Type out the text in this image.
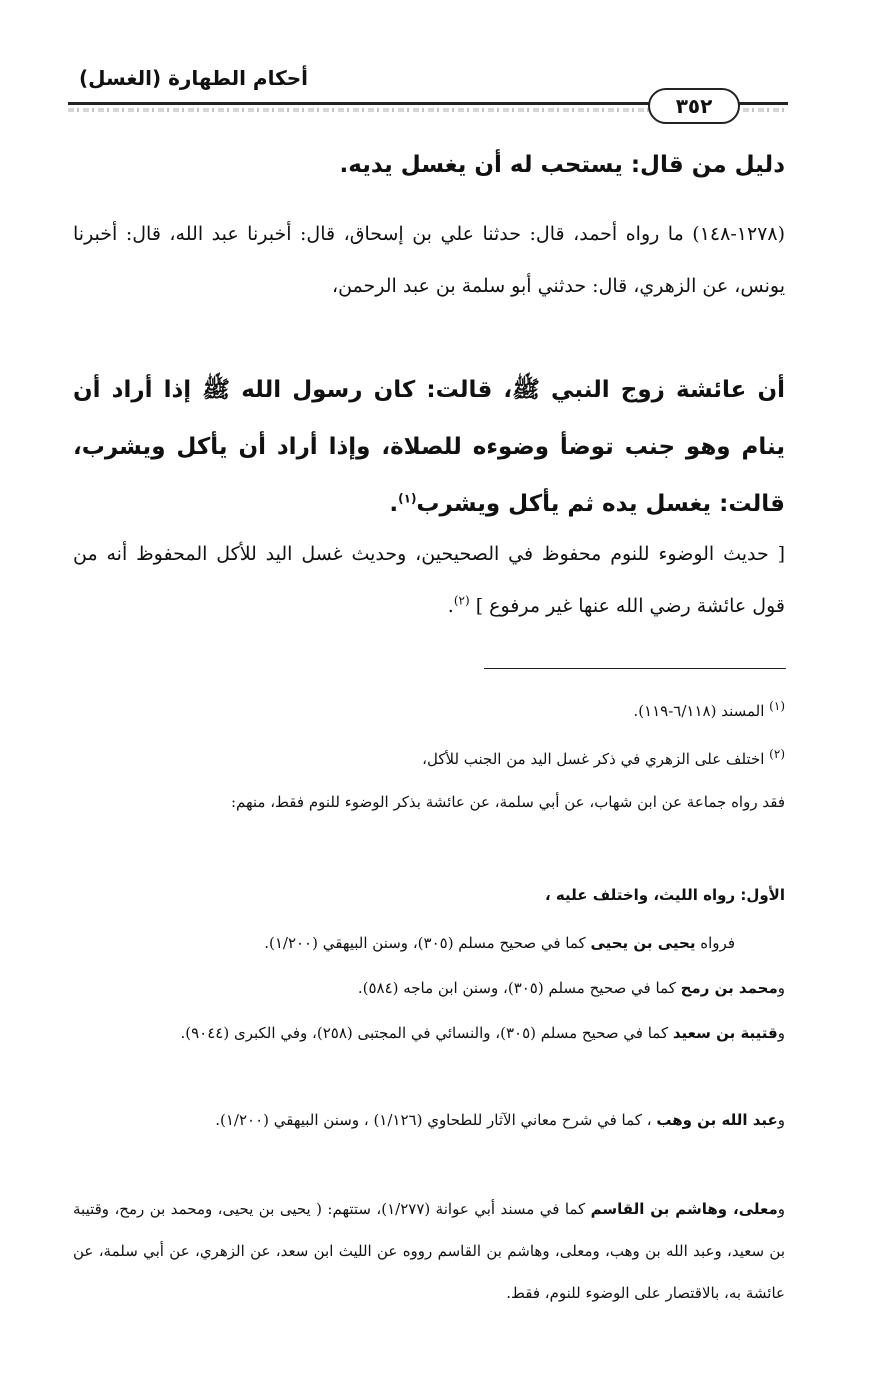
أحكام الطهارة (الغسل)
٣٥٢
دليل من قال: يستحب له أن يغسل يديه.
(١٢٧٨-١٤٨) ما رواه أحمد، قال: حدثنا علي بن إسحاق، قال: أخبرنا عبد الله، قال: أخبرنا يونس، عن الزهري، قال: حدثني أبو سلمة بن عبد الرحمن،
أن عائشة زوج النبي ﷺ، قالت: كان رسول الله ﷺ إذا أراد أن ينام وهو جنب توضأ وضوءه للصلاة، وإذا أراد أن يأكل ويشرب، قالت: يغسل يده ثم يأكل ويشرب$^{(١)}$.
[ حديث الوضوء للنوم محفوظ في الصحيحين، وحديث غسل اليد للأكل المحفوظ أنه من قول عائشة رضي الله عنها غير مرفوع ] $^{(٢)}$.
$^{(١)}$ المسند (٦/١١٨-١١٩).
$^{(٢)}$ اختلف على الزهري في ذكر غسل اليد من الجنب للأكل،
فقد رواه جماعة عن ابن شهاب، عن أبي سلمة، عن عائشة بذكر الوضوء للنوم فقط، منهم:
الأول: رواه الليث، واختلف عليه ،
فرواه يحيى بن يحيى كما في صحيح مسلم (٣٠٥)، وسنن البيهقي (١/٢٠٠).
ومحمد بن رمح كما في صحيح مسلم (٣٠٥)، وسنن ابن ماجه (٥٨٤).
وقتيبة بن سعيد كما في صحيح مسلم (٣٠٥)، والنسائي في المجتبى (٢٥٨)، وفي الكبرى (٩٠٤٤).
وعبد الله بن وهب ، كما في شرح معاني الآثار للطحاوي (١/١٢٦) ، وسنن البيهقي (١/٢٠٠).
ومعلى، وهاشم بن القاسم كما في مسند أبي عوانة (١/٢٧٧)، ستتهم: ( يحيى بن يحيى، ومحمد بن رمح، وقتيبة بن سعيد، وعبد الله بن وهب، ومعلى، وهاشم بن القاسم رووه عن الليث ابن سعد، عن الزهري، عن أبي سلمة، عن عائشة به، بالاقتصار على الوضوء للنوم، فقط.
